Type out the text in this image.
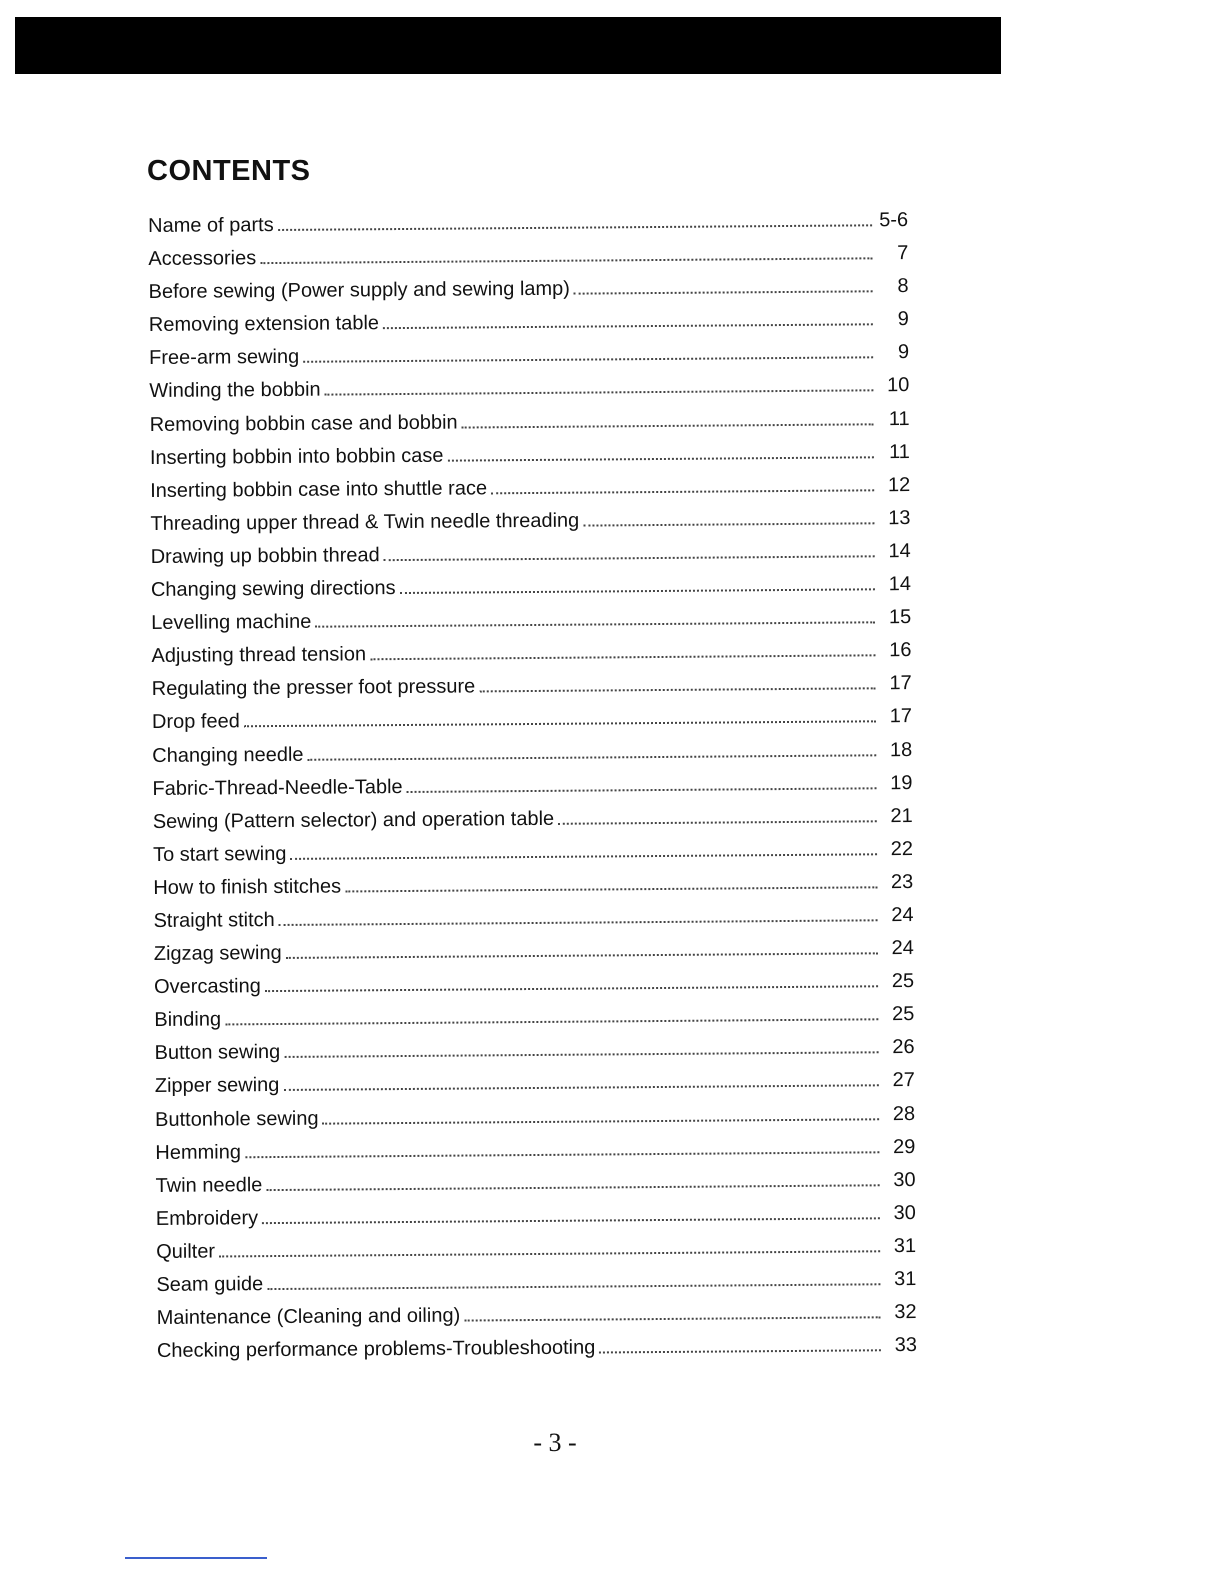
CONTENTS
Name of parts	5-6
Accessories	7
Before sewing (Power supply and sewing lamp)	8
Removing extension table	9
Free-arm sewing	9
Winding the bobbin	10
Removing bobbin case and bobbin	11
Inserting bobbin into bobbin case	11
Inserting bobbin case into shuttle race	12
Threading upper thread & Twin needle threading	13
Drawing up bobbin thread	14
Changing sewing directions	14
Levelling machine	15
Adjusting thread tension	16
Regulating the presser foot pressure	17
Drop feed	17
Changing needle	18
Fabric-Thread-Needle-Table	19
Sewing (Pattern selector) and operation table	21
To start sewing	22
How to finish stitches	23
Straight stitch	24
Zigzag sewing	24
Overcasting	25
Binding	25
Button sewing	26
Zipper sewing	27
Buttonhole sewing	28
Hemming	29
Twin needle	30
Embroidery	30
Quilter	31
Seam guide	31
Maintenance (Cleaning and oiling)	32
Checking performance problems-Troubleshooting	33
- 3 -
